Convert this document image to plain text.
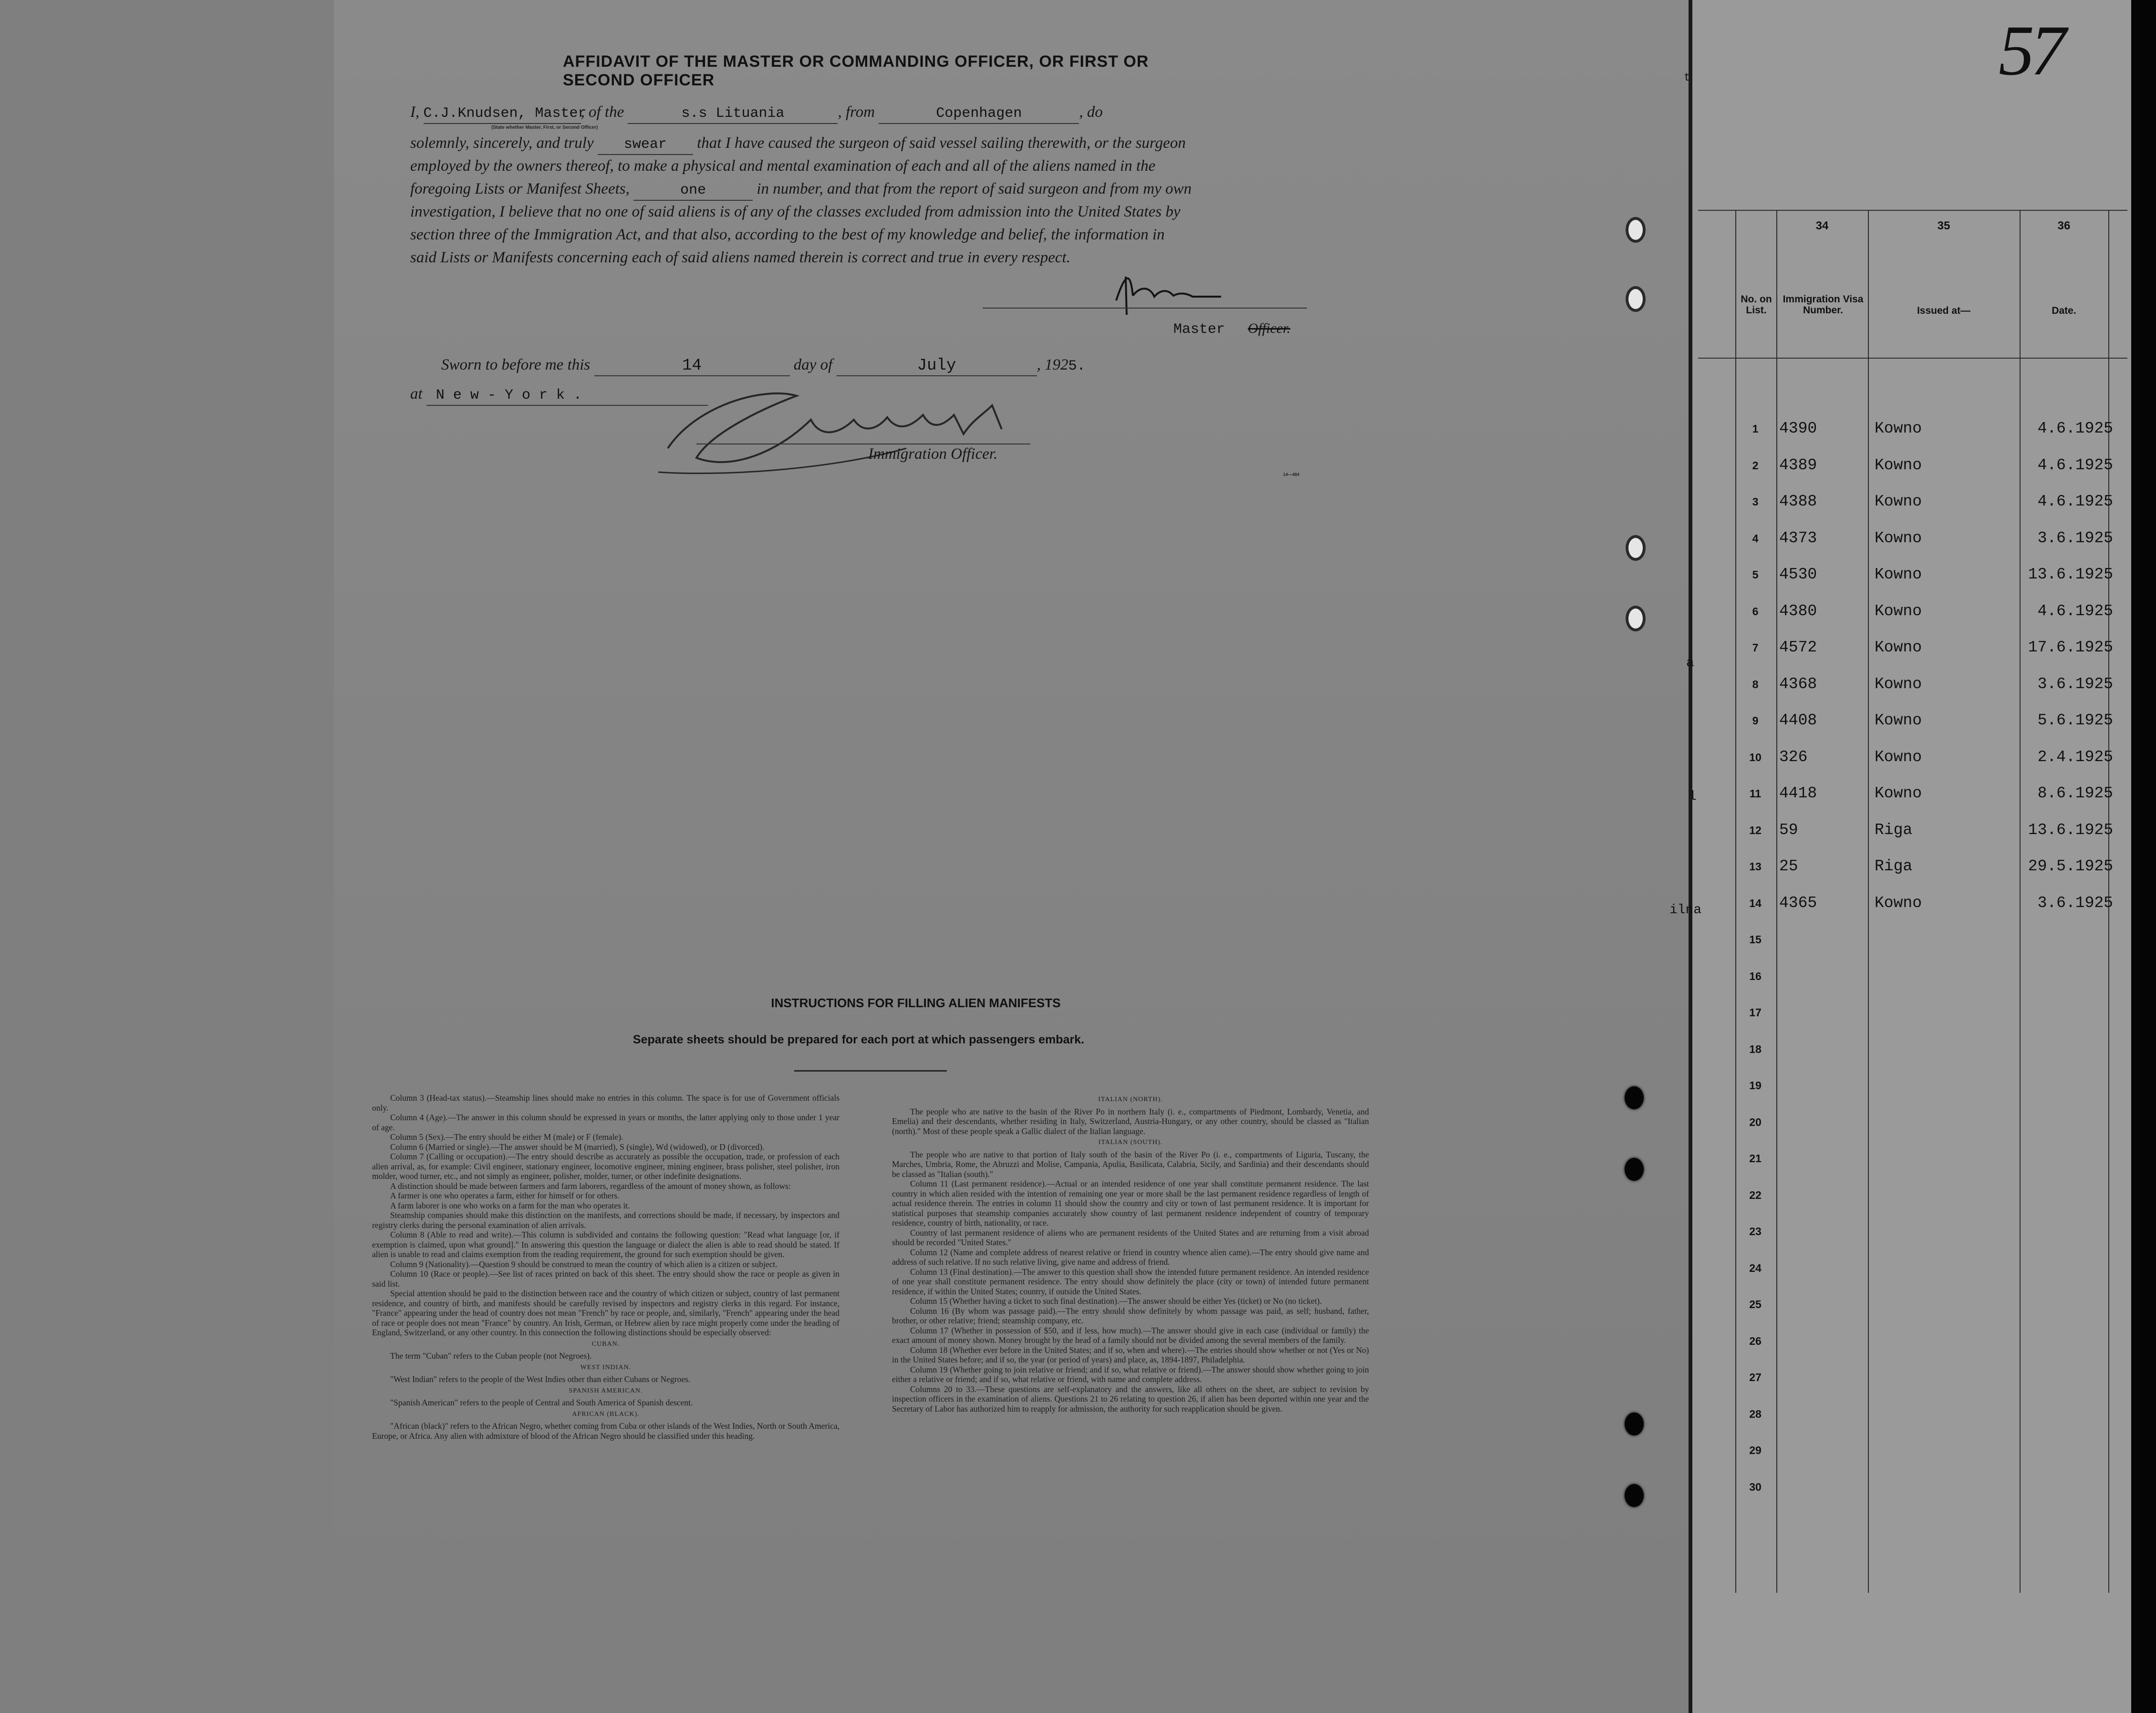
AFFIDAVIT OF THE MASTER OR COMMANDING OFFICER, OR FIRST OR SECOND OFFICER
I, C.J.Knudsen, Master, of the	s.s Lituania	, from	Copenhagen	, do
(State whether Master, First, or Second Officer)
solemnly, sincerely, and truly swear that I have caused the surgeon of said vessel sailing therewith, or the surgeon
employed by the owners thereof, to make a physical and mental examination of each and all of the aliens named in the
foregoing Lists or Manifest Sheets,	one	in number, and that from the report of said surgeon and from my own
investigation, I believe that no one of said aliens is of any of the classes excluded from admission into the United States by
section three of the Immigration Act, and that also, according to the best of my knowledge and belief, the information in
said Lists or Manifests concerning each of said aliens named therein is correct and true in every respect.
Master Officer.
Sworn to before me this	14	day of	July	, 1925.
at N e w - Y o r k .
Immigration Officer.
14—484
INSTRUCTIONS FOR FILLING ALIEN MANIFESTS
Separate sheets should be prepared for each port at which passengers embark.

Column 3 (Head-tax status).—Steamship lines should make no entries in this column. The space is for use of Government officials only.

Column 4 (Age).—The answer in this column should be expressed in years or months, the latter applying only to those under 1 year of age.

Column 5 (Sex).—The entry should be either M (male) or F (female).

Column 6 (Married or single).—The answer should be M (married), S (single), Wd (widowed), or D (divorced).

Column 7 (Calling or occupation).—The entry should describe as accurately as possible the occupation, trade, or profession of each alien arrival, as, for example: Civil engineer, stationary engineer, locomotive engineer, mining engineer, brass polisher, steel polisher, iron molder, wood turner, etc., and not simply as engineer, polisher, molder, turner, or other indefinite designations.

A distinction should be made between farmers and farm laborers, regardless of the amount of money shown, as follows:

A farmer is one who operates a farm, either for himself or for others.

A farm laborer is one who works on a farm for the man who operates it.

Steamship companies should make this distinction on the manifests, and corrections should be made, if necessary, by inspectors and registry clerks during the personal examination of alien arrivals.

Column 8 (Able to read and write).—This column is subdivided and contains the following question: "Read what language [or, if exemption is claimed, upon what ground]." In answering this question the language or dialect the alien is able to read should be stated. If alien is unable to read and claims exemption from the reading requirement, the ground for such exemption should be given.

Column 9 (Nationality).—Question 9 should be construed to mean the country of which alien is a citizen or subject.

Column 10 (Race or people).—See list of races printed on back of this sheet. The entry should show the race or people as given in said list.

Special attention should be paid to the distinction between race and the country of which citizen or subject, country of last permanent residence, and country of birth, and manifests should be carefully revised by inspectors and registry clerks in this regard. For instance, "France" appearing under the head of country does not mean "French" by race or people, and, similarly, "French" appearing under the head of race or people does not mean "France" by country. An Irish, German, or Hebrew alien by race might properly come under the heading of England, Switzerland, or any other country. In this connection the following distinctions should be especially observed:

CUBAN.

The term "Cuban" refers to the Cuban people (not Negroes).

WEST INDIAN.

"West Indian" refers to the people of the West Indies other than either Cubans or Negroes.

SPANISH AMERICAN.

"Spanish American" refers to the people of Central and South America of Spanish descent.

AFRICAN (BLACK).

"African (black)" refers to the African Negro, whether coming from Cuba or other islands of the West Indies, North or South America, Europe, or Africa. Any alien with admixture of blood of the African Negro should be classified under this heading.

ITALIAN (NORTH).

The people who are native to the basin of the River Po in northern Italy (i. e., compartments of Piedmont, Lombardy, Venetia, and Emelia) and their descendants, whether residing in Italy, Switzerland, Austria-Hungary, or any other country, should be classed as "Italian (north)." Most of these people speak a Gallic dialect of the Italian language.

ITALIAN (SOUTH).

The people who are native to that portion of Italy south of the basin of the River Po (i. e., compartments of Liguria, Tuscany, the Marches, Umbria, Rome, the Abruzzi and Molise, Campania, Apulia, Basilicata, Calabria, Sicily, and Sardinia) and their descendants should be classed as "Italian (south)."

Column 11 (Last permanent residence).—Actual or an intended residence of one year shall constitute permanent residence. The last country in which alien resided with the intention of remaining one year or more shall be the last permanent residence regardless of length of actual residence therein. The entries in column 11 should show the country and city or town of last permanent residence. It is important for statistical purposes that steamship companies accurately show country of last permanent residence independent of country of temporary residence, country of birth, nationality, or race.

Country of last permanent residence of aliens who are permanent residents of the United States and are returning from a visit abroad should be recorded "United States."

Column 12 (Name and complete address of nearest relative or friend in country whence alien came).—The entry should give name and address of such relative. If no such relative living, give name and address of friend.

Column 13 (Final destination).—The answer to this question shall show the intended future permanent residence. An intended residence of one year shall constitute permanent residence. The entry should show definitely the place (city or town) of intended future permanent residence, if within the United States; country, if outside the United States.

Column 15 (Whether having a ticket to such final destination).—The answer should be either Yes (ticket) or No (no ticket).

Column 16 (By whom was passage paid).—The entry should show definitely by whom passage was paid, as self; husband, father, brother, or other relative; friend; steamship company, etc.

Column 17 (Whether in possession of $50, and if less, how much).—The answer should give in each case (individual or family) the exact amount of money shown. Money brought by the head of a family should not be divided among the several members of the family.

Column 18 (Whether ever before in the United States; and if so, when and where).—The entries should show whether or not (Yes or No) in the United States before; and if so, the year (or period of years) and place, as, 1894-1897, Philadelphia.

Column 19 (Whether going to join relative or friend; and if so, what relative or friend).—The answer should show whether going to join either a relative or friend; and if so, what relative or friend, with name and complete address.

Columns 20 to 33.—These questions are self-explanatory and the answers, like all others on the sheet, are subject to revision by inspection officers in the examination of aliens. Questions 21 to 26 relating to question 26, if alien has been deported within one year and the Secretary of Labor has authorized him to reapply for admission, the authority for such reapplication should be given.

57
t
a
l
ilna
34	35	36
No. on List.
Immigration Visa Number.	Issued at—	Date.
1	4390	Kowno	4.6.1925
2	4389	Kowno	4.6.1925
3	4388	Kowno	4.6.1925
4	4373	Kowno	3.6.1925
5	4530	Kowno	13.6.1925
6	4380	Kowno	4.6.1925
7	4572	Kowno	17.6.1925
8	4368	Kowno	3.6.1925
9	4408	Kowno	5.6.1925
10	326	Kowno	2.4.1925
11	4418	Kowno	8.6.1925
12	59	Riga	13.6.1925
13	25	Riga	29.5.1925
14	4365	Kowno	3.6.1925
15
16
17
18
19
20
21
22
23
24
25
26
27
28
29
30
